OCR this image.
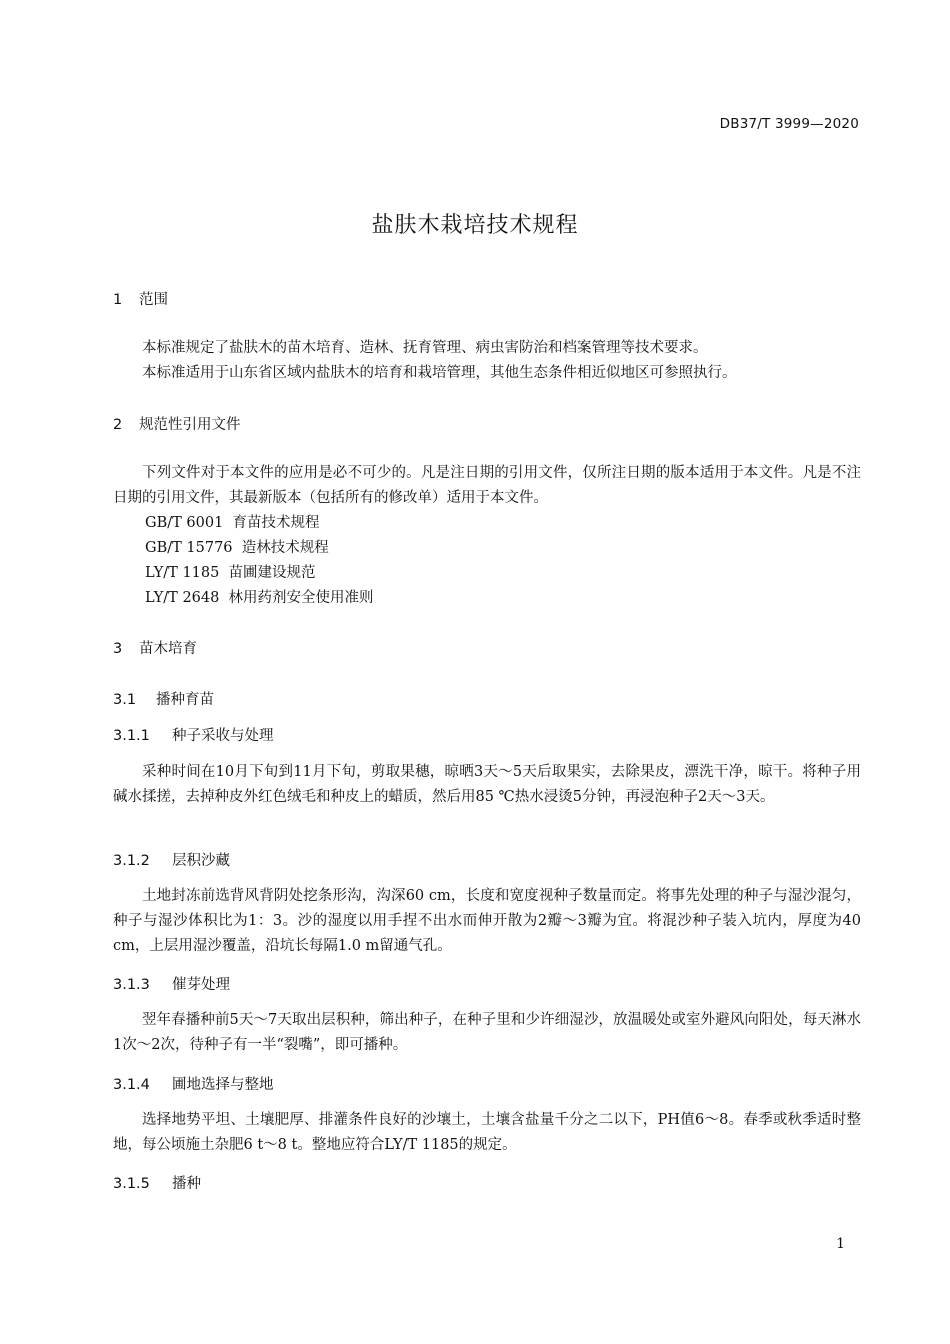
DB37/T 3999—2020
盐肤木栽培技术规程
1 范围
本标准规定了盐肤木的苗木培育、造林、抚育管理、病虫害防治和档案管理等技术要求。
本标准适用于山东省区域内盐肤木的培育和栽培管理，其他生态条件相近似地区可参照执行。
2 规范性引用文件
下列文件对于本文件的应用是必不可少的。凡是注日期的引用文件，仅所注日期的版本适用于本文件。凡是不注日期的引用文件，其最新版本（包括所有的修改单）适用于本文件。
GB/T 6001  育苗技术规程
GB/T 15776  造林技术规程
LY/T 1185  苗圃建设规范
LY/T 2648  林用药剂安全使用准则
3 苗木培育
3.1 播种育苗
3.1.1 种子采收与处理
采种时间在10月下旬到11月下旬，剪取果穗，晾晒3天～5天后取果实，去除果皮，漂洗干净，晾干。将种子用碱水揉搓，去掉种皮外红色绒毛和种皮上的蜡质，然后用85 ℃热水浸烫5分钟，再浸泡种子2天～3天。
3.1.2 层积沙藏
土地封冻前选背风背阴处挖条形沟，沟深60 cm，长度和宽度视种子数量而定。将事先处理的种子与湿沙混匀，种子与湿沙体积比为1：3。沙的湿度以用手捏不出水而伸开散为2瓣～3瓣为宜。将混沙种子装入坑内，厚度为40 cm，上层用湿沙覆盖，沿坑长每隔1.0 m留通气孔。
3.1.3 催芽处理
翌年春播种前5天～7天取出层积种，筛出种子，在种子里和少许细湿沙，放温暖处或室外避风向阳处，每天淋水1次～2次，待种子有一半“裂嘴”，即可播种。
3.1.4 圃地选择与整地
选择地势平坦、土壤肥厚、排灌条件良好的沙壤土，土壤含盐量千分之二以下，PH值6～8。春季或秋季适时整地，每公顷施土杂肥6 t～8 t。整地应符合LY/T 1185的规定。
3.1.5 播种
1
